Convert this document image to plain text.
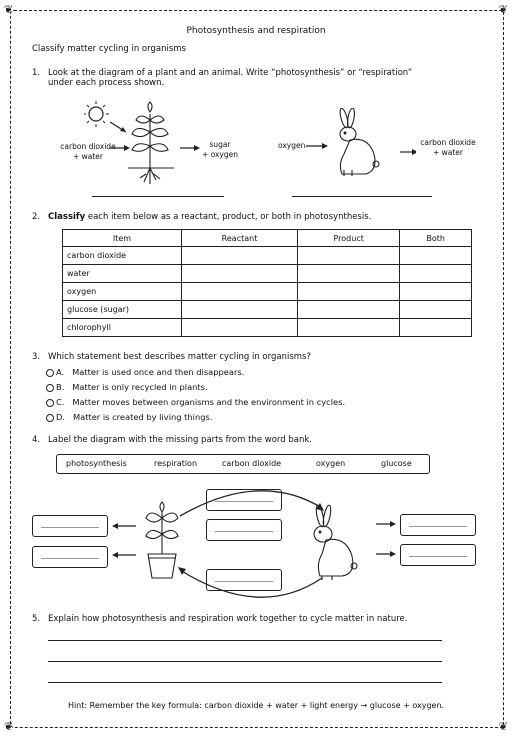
❦	❦
❦	❦
Photosynthesis and respiration
Classify matter cycling in organisms
1. Look at the diagram of a plant and an animal. Write “photosynthesis” or “respiration”
under each process shown.
carbon dioxide
+ water
sugar
+ oxygen
oxygen	carbon dioxide
+ water
2. Classify each item below as a reactant, product, or both in photosynthesis.
Item	Reactant	Product	Both
carbon dioxide			
water			
oxygen			
glucose (sugar)			
chlorophyll			
3. Which statement best describes matter cycling in organisms?
A. Matter is used once and then disappears.
B. Matter is only recycled in plants.
C. Matter moves between organisms and the environment in cycles.
D. Matter is created by living things.
4. Label the diagram with the missing parts from the word bank.
photosynthesis	respiration	carbon dioxide	oxygen	glucose
5. Explain how photosynthesis and respiration work together to cycle matter in nature.
Hint: Remember the key formula: carbon dioxide + water + light energy → glucose + oxygen.
